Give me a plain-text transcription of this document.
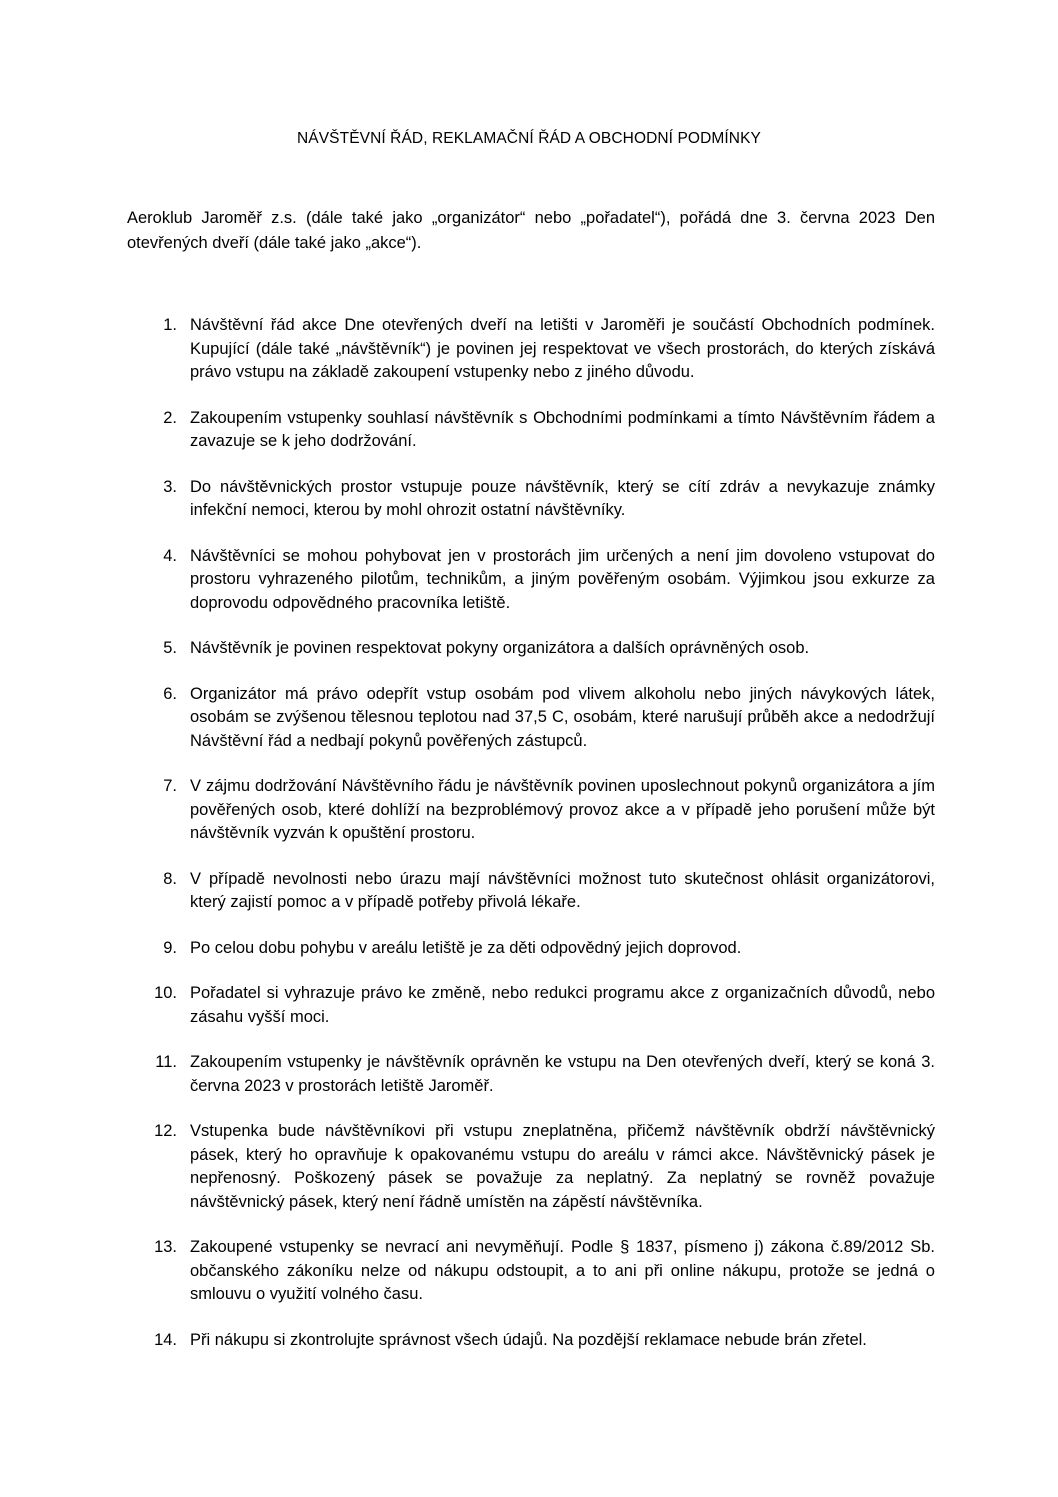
NÁVŠTĚVNÍ ŘÁD, REKLAMAČNÍ ŘÁD A OBCHODNÍ PODMÍNKY
Aeroklub Jaroměř z.s. (dále také jako „organizátor“ nebo „pořadatel“), pořádá dne 3. června 2023 Den otevřených dveří (dále také jako „akce“).
1. Návštěvní řád akce Dne otevřených dveří na letišti v Jaroměři je součástí Obchodních podmínek. Kupující (dále také „návštěvník“) je povinen jej respektovat ve všech prostorách, do kterých získává právo vstupu na základě zakoupení vstupenky nebo z jiného důvodu.
2. Zakoupením vstupenky souhlasí návštěvník s Obchodními podmínkami a tímto Návštěvním řádem a zavazuje se k jeho dodržování.
3. Do návštěvnických prostor vstupuje pouze návštěvník, který se cítí zdráv a nevykazuje známky infekční nemoci, kterou by mohl ohrozit ostatní návštěvníky.
4. Návštěvníci se mohou pohybovat jen v prostorách jim určených a není jim dovoleno vstupovat do prostoru vyhrazeného pilotům, technikům, a jiným pověřeným osobám. Výjimkou jsou exkurze za doprovodu odpovědného pracovníka letiště.
5. Návštěvník je povinen respektovat pokyny organizátora a dalších oprávněných osob.
6. Organizátor má právo odepřít vstup osobám pod vlivem alkoholu nebo jiných návykových látek, osobám se zvýšenou tělesnou teplotou nad 37,5 C, osobám, které narušují průběh akce a nedodržují Návštěvní řád a nedbají pokynů pověřených zástupců.
7. V zájmu dodržování Návštěvního řádu je návštěvník povinen uposlechnout pokynů organizátora a jím pověřených osob, které dohlíží na bezproblémový provoz akce a v případě jeho porušení může být návštěvník vyzván k opuštění prostoru.
8. V případě nevolnosti nebo úrazu mají návštěvníci možnost tuto skutečnost ohlásit organizátorovi, který zajistí pomoc a v případě potřeby přivolá lékaře.
9. Po celou dobu pohybu v areálu letiště je za děti odpovědný jejich doprovod.
10. Pořadatel si vyhrazuje právo ke změně, nebo redukci programu akce z organizačních důvodů, nebo zásahu vyšší moci.
11. Zakoupením vstupenky je návštěvník oprávněn ke vstupu na Den otevřených dveří, který se koná 3. června 2023 v prostorách letiště Jaroměř.
12. Vstupenka bude návštěvníkovi při vstupu zneplatněna, přičemž návštěvník obdrží návštěvnický pásek, který ho opravňuje k opakovanému vstupu do areálu v rámci akce. Návštěvnický pásek je nepřenosný. Poškozený pásek se považuje za neplatný. Za neplatný se rovněž považuje návštěvnický pásek, který není řádně umístěn na zápěstí návštěvníka.
13. Zakoupené vstupenky se nevrací ani nevyměňují. Podle § 1837, písmeno j) zákona č.89/2012 Sb. občanského zákoníku nelze od nákupu odstoupit, a to ani při online nákupu, protože se jedná o smlouvu o využití volného času.
14. Při nákupu si zkontrolujte správnost všech údajů. Na pozdější reklamace nebude brán zřetel.
